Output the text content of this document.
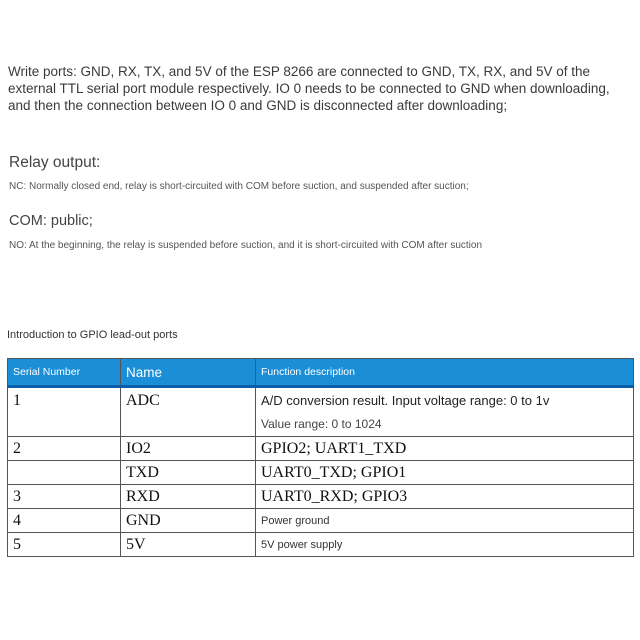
Write ports: GND, RX, TX, and 5V of the ESP 8266 are connected to GND, TX, RX, and 5V of the external TTL serial port module respectively. IO 0 needs to be connected to GND when downloading, and then the connection between IO 0 and GND is disconnected after downloading;
Relay output:
NC: Normally closed end, relay is short-circuited with COM before suction, and suspended after suction;
COM: public;
NO: At the beginning, the relay is suspended before suction, and it is short-circuited with COM after suction
Introduction to GPIO lead-out ports
Serial Number	Name	Function description
1	ADC	A/D conversion result. Input voltage range: 0 to 1v
		Value range: 0 to 1024
2	IO2	GPIO2; UART1_TXD
	TXD	UART0_TXD; GPIO1
3	RXD	UART0_RXD; GPIO3
4	GND	Power ground
5	5V	5V power supply
